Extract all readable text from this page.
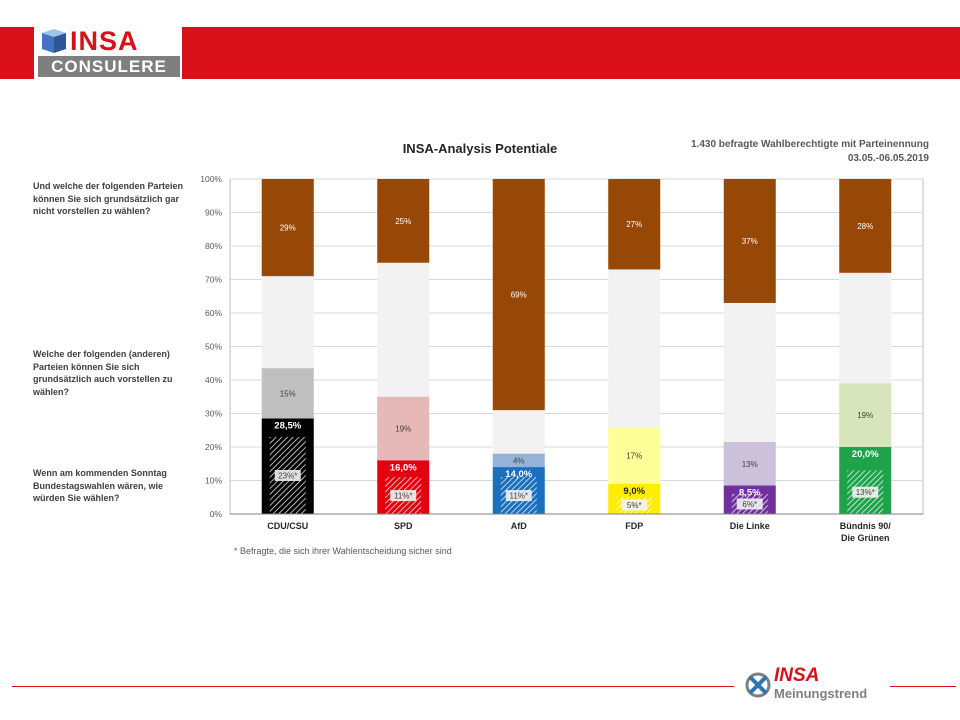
INSA
CONSULERE
INSA-Analysis Potentiale	1.430 befragte Wahlberechtigte mit Parteinennung
03.05.-06.05.2019
Und welche der folgenden Parteien können Sie sich grundsätzlich gar nicht vorstellen zu wählen?
Welche der folgenden (anderen) Parteien können Sie sich grundsätzlich auch vorstellen zu wählen?
Wenn am kommenden Sonntag Bundestagswahlen wären, wie würden Sie wählen?
28,5%
23%*
15%
29%
16,0%
11%*
19%
25%
14,0%
11%*
4%
69%
9,0%
5%*
17%
27%
8,5%
6%*
13%
37%
20,0%
13%*
19%
28%
0%
10%
20%
30%
40%
50%
60%
70%
80%
90%
100%
CDU/CSU	SPD	AfD	FDP	Die Linke	Bündnis 90/
Die Grünen
* Befragte, die sich ihrer Wahlentscheidung sicher sind
INSA
Meinungstrend
